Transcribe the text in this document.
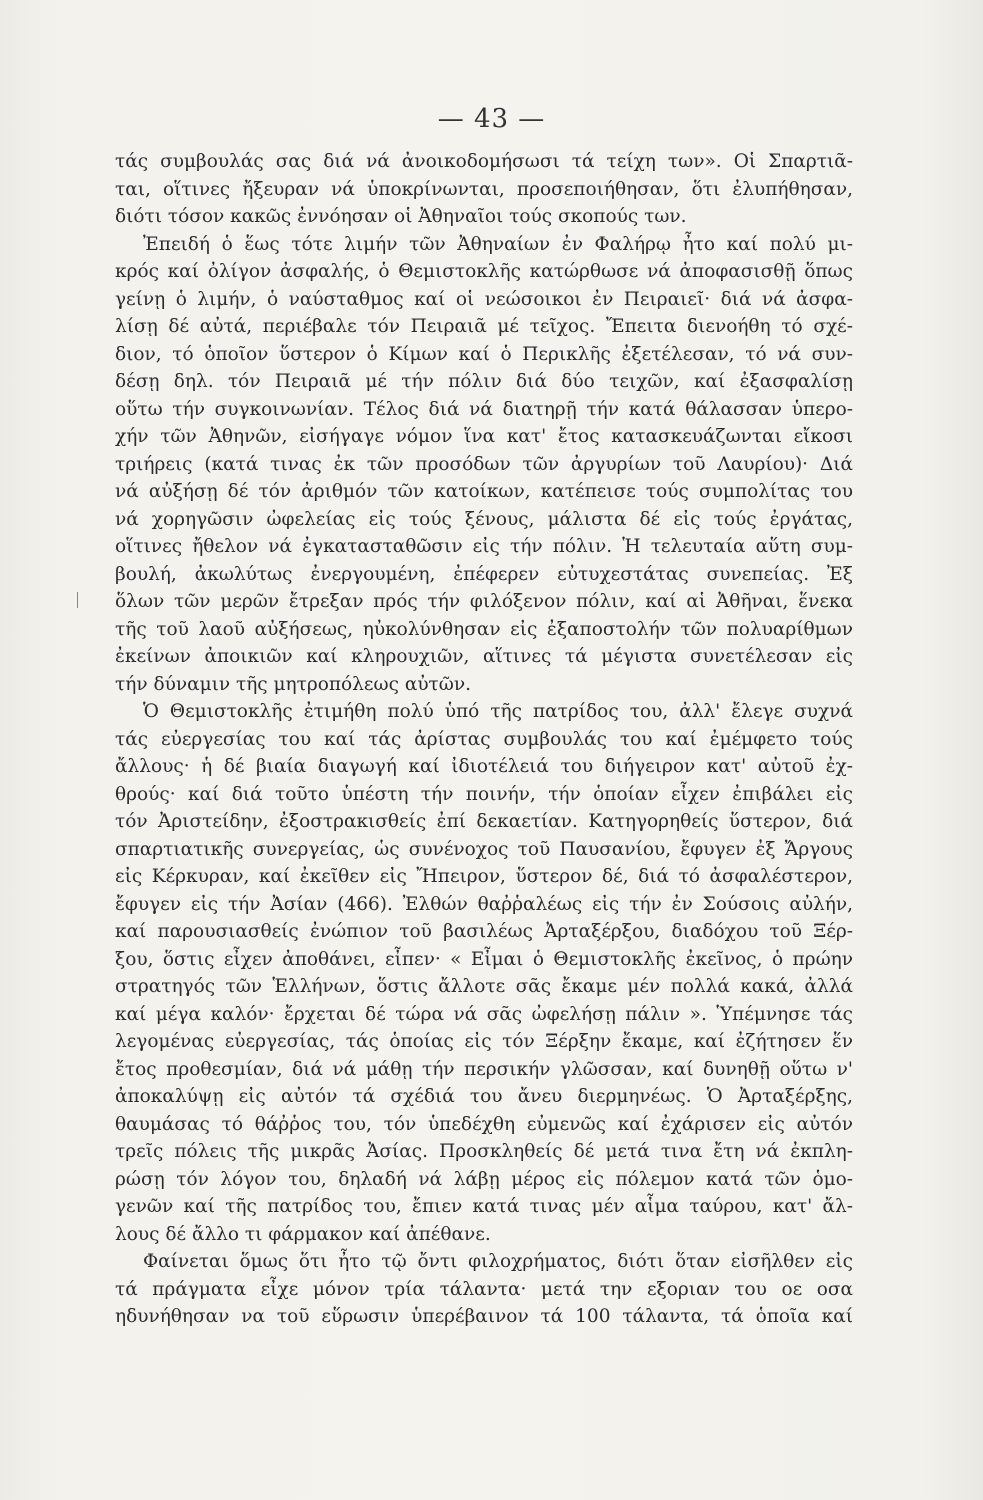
— 43 —
τάς συμβουλάς σας διά νά ἀνοικοδομήσωσι τά τείχη των». Οἱ Σπαρτιᾶ-
ται, οἵτινες ἤξευραν νά ὑποκρίνωνται, προσεποιήθησαν, ὅτι ἐλυπήθησαν,
διότι τόσον κακῶς ἐννόησαν οἱ Ἀθηναῖοι τούς σκοπούς των.
Ἐπειδή ὁ ἕως τότε λιμήν τῶν Ἀθηναίων ἐν Φαλήρῳ ἦτο καί πολύ μι-
κρός καί ὀλίγον ἀσφαλής, ὁ Θεμιστοκλῆς κατώρθωσε νά ἀποφασισθῇ ὅπως
γείνῃ ὁ λιμήν, ὁ ναύσταθμος καί οἱ νεώσοικοι ἐν Πειραιεῖ· διά νά ἀσφα-
λίσῃ δέ αὐτά, περιέβαλε τόν Πειραιᾶ μέ τεῖχος. Ἔπειτα διενοήθη τό σχέ-
διον, τό ὁποῖον ὕστερον ὁ Κίμων καί ὁ Περικλῆς ἐξετέλεσαν, τό νά συν-
δέσῃ δηλ. τόν Πειραιᾶ μέ τήν πόλιν διά δύο τειχῶν, καί ἐξασφαλίσῃ
οὕτω τήν συγκοινωνίαν. Τέλος διά νά διατηρῇ τήν κατά θάλασσαν ὑπερο-
χήν τῶν Ἀθηνῶν, εἰσήγαγε νόμον ἵνα κατ' ἔτος κατασκευάζωνται εἴκοσι
τριήρεις (κατά τινας ἐκ τῶν προσόδων τῶν ἀργυρίων τοῦ Λαυρίου)· Διά
νά αὐξήσῃ δέ τόν ἀριθμόν τῶν κατοίκων, κατέπεισε τούς συμπολίτας του
νά χορηγῶσιν ὠφελείας εἰς τούς ξένους, μάλιστα δέ εἰς τούς ἐργάτας,
οἵτινες ἤθελον νά ἐγκατασταθῶσιν εἰς τήν πόλιν. Ἡ τελευταία αὕτη συμ-
βουλή, ἀκωλύτως ἐνεργουμένη, ἐπέφερεν εὐτυχεστάτας συνεπείας. Ἐξ
ὅλων τῶν μερῶν ἔτρεξαν πρός τήν φιλόξενον πόλιν, καί αἱ Ἀθῆναι, ἕνεκα
τῆς τοῦ λαοῦ αὐξήσεως, ηὐκολύνθησαν εἰς ἐξαποστολήν τῶν πολυαρίθμων
ἐκείνων ἀποικιῶν καί κληρουχιῶν, αἵτινες τά μέγιστα συνετέλεσαν εἰς
τήν δύναμιν τῆς μητροπόλεως αὐτῶν.
Ὁ Θεμιστοκλῆς ἐτιμήθη πολύ ὑπό τῆς πατρίδος του, ἀλλ' ἔλεγε συχνά
τάς εὐεργεσίας του καί τάς ἀρίστας συμβουλάς του καί ἐμέμφετο τούς
ἄλλους· ἡ δέ βιαία διαγωγή καί ἰδιοτέλειά του διήγειρον κατ' αὐτοῦ ἐχ-
θρούς· καί διά τοῦτο ὑπέστη τήν ποινήν, τήν ὁποίαν εἶχεν ἐπιβάλει εἰς
τόν Ἀριστείδην, ἐξοστρακισθείς ἐπί δεκαετίαν. Κατηγορηθείς ὕστερον, διά
σπαρτιατικῆς συνεργείας, ὡς συνένοχος τοῦ Παυσανίου, ἔφυγεν ἐξ Ἄργους
εἰς Κέρκυραν, καί ἐκεῖθεν εἰς Ἤπειρον, ὕστερον δέ, διά τό ἀσφαλέστερον,
ἔφυγεν εἰς τήν Ἀσίαν (466). Ἐλθών θαῤῥαλέως εἰς τήν ἐν Σούσοις αὐλήν,
καί παρουσιασθείς ἐνώπιον τοῦ βασιλέως Ἀρταξέρξου, διαδόχου τοῦ Ξέρ-
ξου, ὅστις εἶχεν ἀποθάνει, εἶπεν· « Εἶμαι ὁ Θεμιστοκλῆς ἐκεῖνος, ὁ πρώην
στρατηγός τῶν Ἑλλήνων, ὅστις ἄλλοτε σᾶς ἔκαμε μέν πολλά κακά, ἀλλά
καί μέγα καλόν· ἔρχεται δέ τώρα νά σᾶς ὠφελήσῃ πάλιν ». Ὑπέμνησε τάς
λεγομένας εὐεργεσίας, τάς ὁποίας εἰς τόν Ξέρξην ἔκαμε, καί ἐζήτησεν ἕν
ἔτος προθεσμίαν, διά νά μάθῃ τήν περσικήν γλῶσσαν, καί δυνηθῇ οὕτω ν'
ἀποκαλύψῃ εἰς αὐτόν τά σχέδιά του ἄνευ διερμηνέως. Ὁ Ἀρταξέρξης,
θαυμάσας τό θάῤῥος του, τόν ὑπεδέχθη εὐμενῶς καί ἐχάρισεν εἰς αὐτόν
τρεῖς πόλεις τῆς μικρᾶς Ἀσίας. Προσκληθείς δέ μετά τινα ἔτη νά ἐκπλη-
ρώσῃ τόν λόγον του, δηλαδή νά λάβῃ μέρος εἰς πόλεμον κατά τῶν ὁμο-
γενῶν καί τῆς πατρίδος του, ἔπιεν κατά τινας μέν αἷμα ταύρου, κατ' ἄλ-
λους δέ ἄλλο τι φάρμακον καί ἀπέθανε.
Φαίνεται ὅμως ὅτι ἦτο τῷ ὄντι φιλοχρήματος, διότι ὅταν εἰσῆλθεν εἰς
τά πράγματα εἶχε μόνον τρία τάλαντα· μετά την εξοριαν του οε οσα
ηδυνήθησαν να τοῦ εὕρωσιν ὑπερέβαινον τά 100 τάλαντα, τά ὁποῖα καί
